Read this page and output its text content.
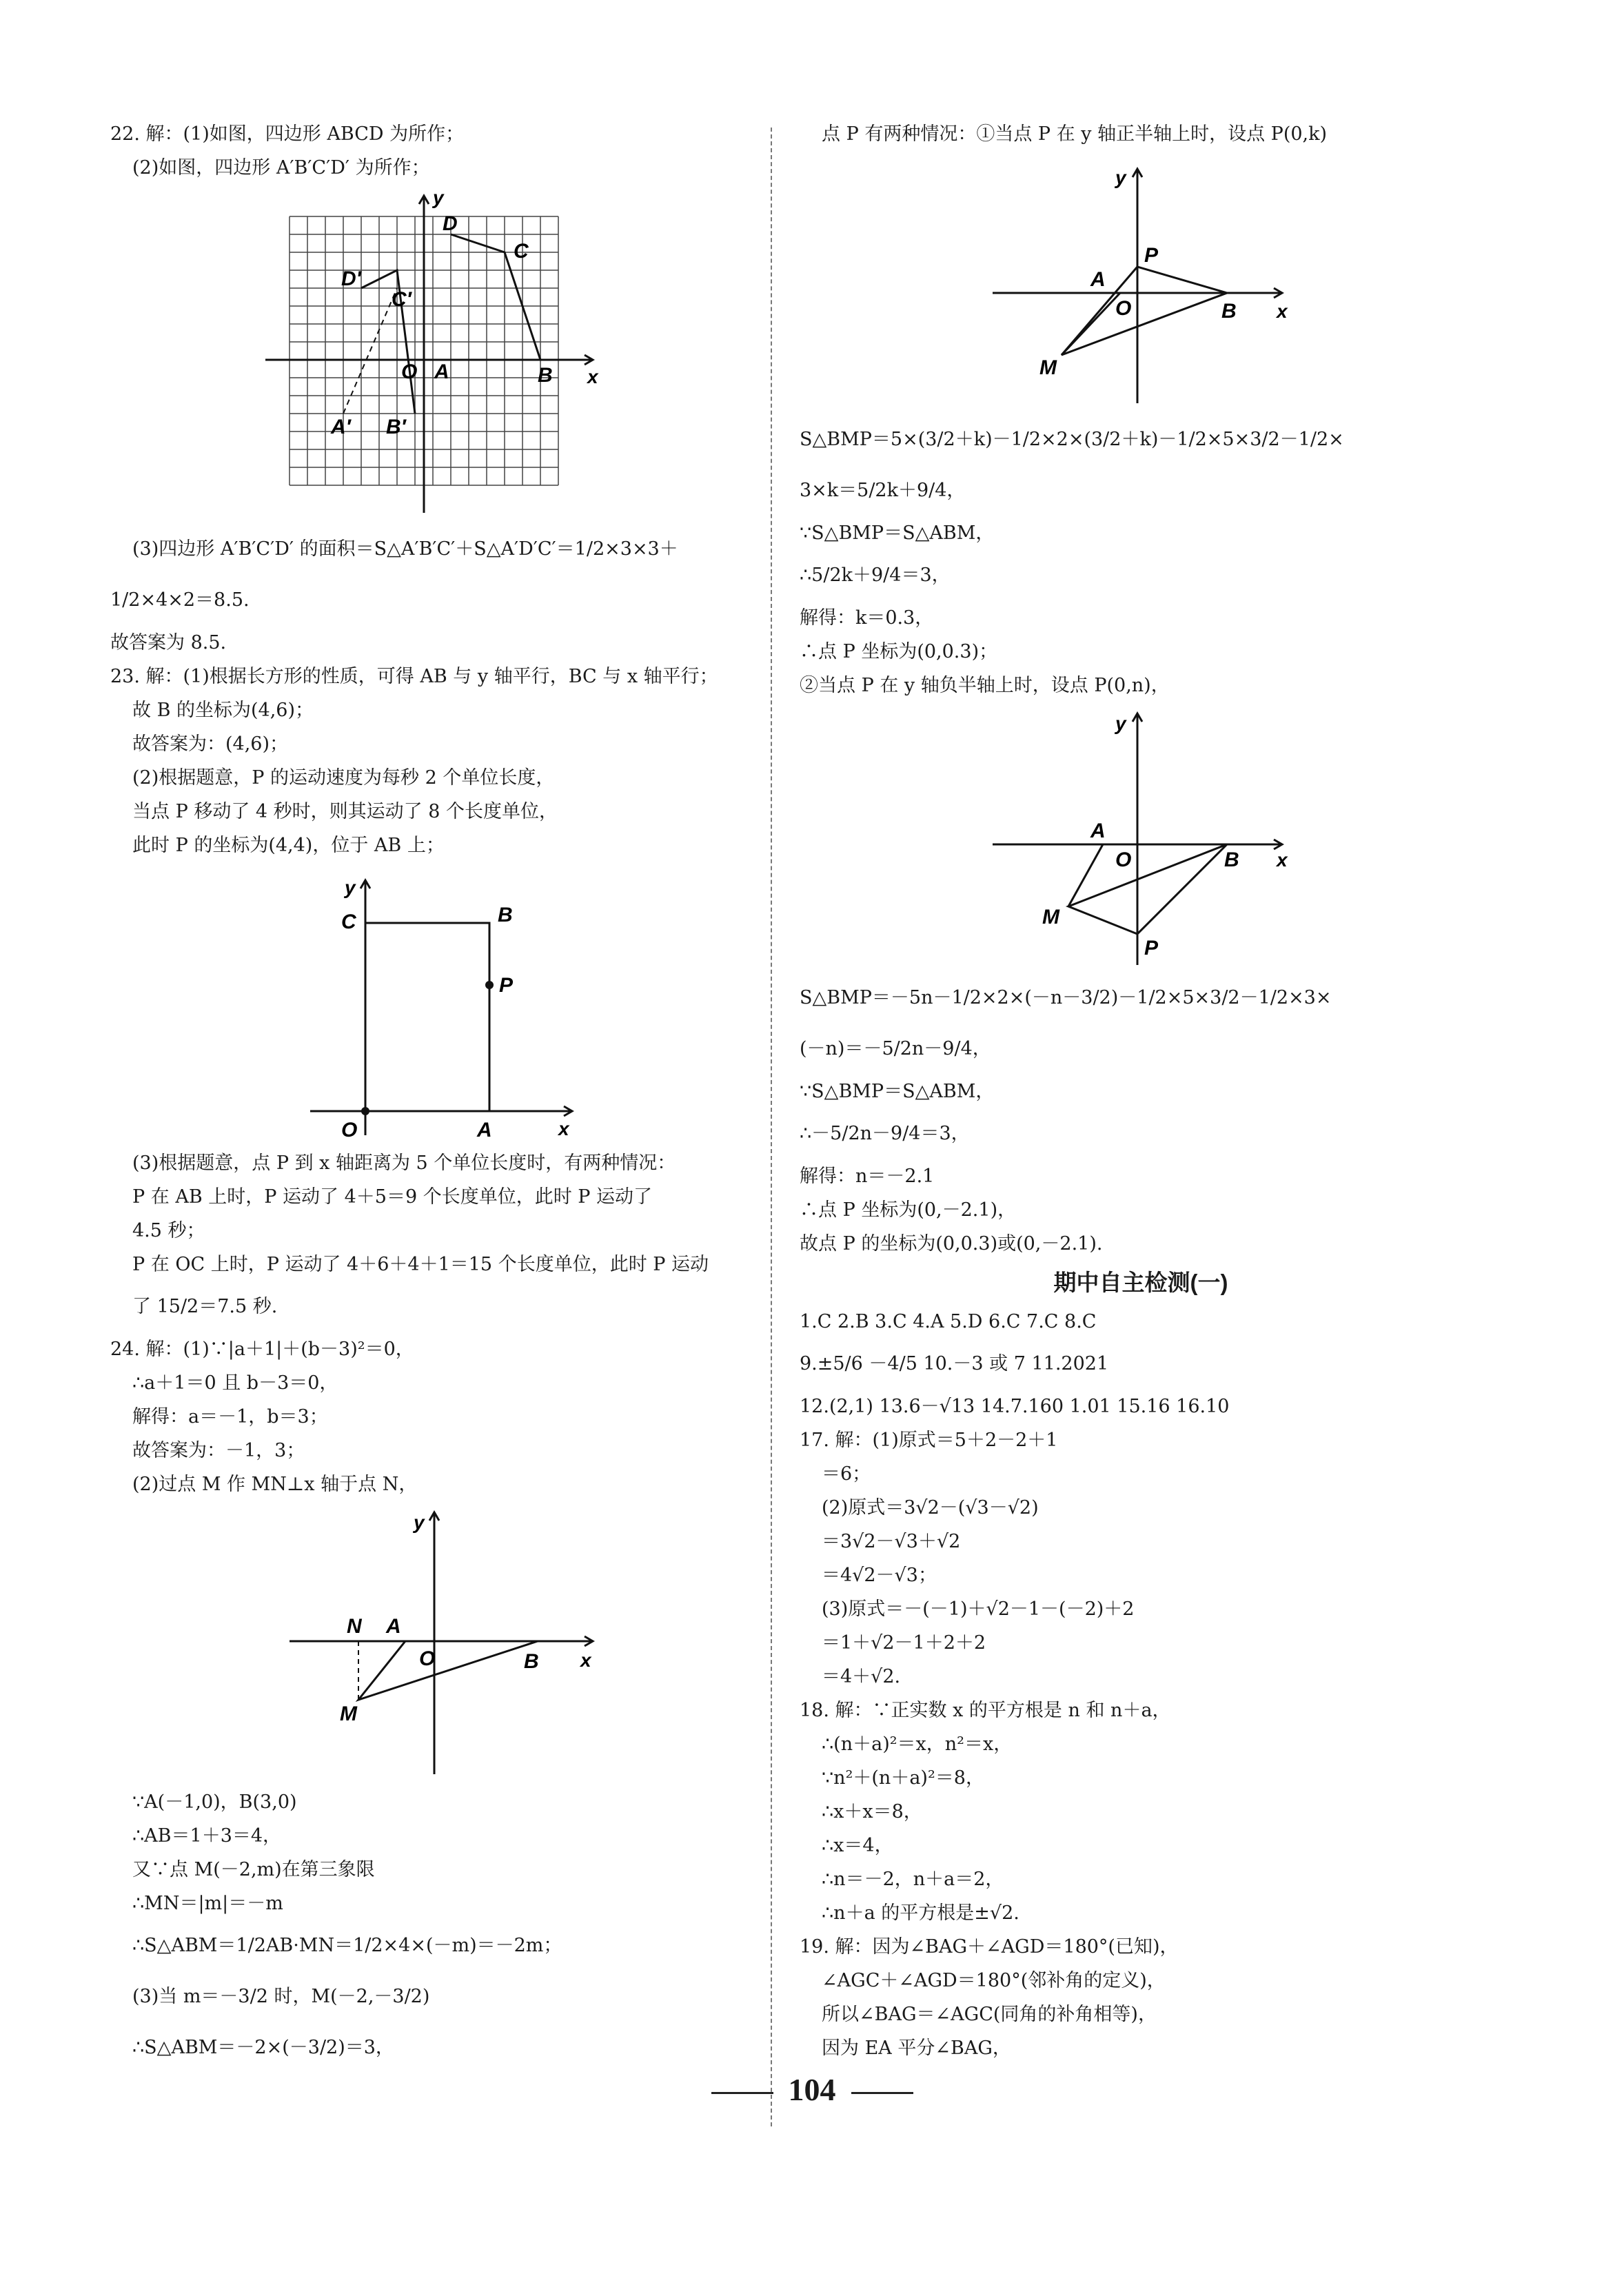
22. 解：(1)如图，四边形 ABCD 为所作；
(2)如图，四边形 A′B′C′D′ 为所作；
D
C
D′
C′
O A	B
A′ B′
x
y
(3)四边形 A′B′C′D′ 的面积＝S△A′B′C′＋S△A′D′C′＝1/2×3×3＋
1/2×4×2＝8.5.
故答案为 8.5.
23. 解：(1)根据长方形的性质，可得 AB 与 y 轴平行，BC 与 x 轴平行；
故 B 的坐标为(4,6)；
故答案为：(4,6)；
(2)根据题意，P 的运动速度为每秒 2 个单位长度，
当点 P 移动了 4 秒时，则其运动了 8 个长度单位，
此时 P 的坐标为(4,4)，位于 AB 上；
C	B
P
O	A	x
y
(3)根据题意，点 P 到 x 轴距离为 5 个单位长度时，有两种情况：
P 在 AB 上时，P 运动了 4＋5＝9 个长度单位，此时 P 运动了
4.5 秒；
P 在 OC 上时，P 运动了 4＋6＋4＋1＝15 个长度单位，此时 P 运动
了 15/2＝7.5 秒.
24. 解：(1)∵|a＋1|＋(b－3)²＝0，
∴a＋1＝0 且 b－3＝0，
解得：a＝－1，b＝3；
故答案为：－1，3；
(2)过点 M 作 MN⊥x 轴于点 N，
N A
O	B
M
x
y
∵A(－1,0)，B(3,0)
∴AB＝1＋3＝4，
又∵点 M(－2,m)在第三象限
∴MN＝|m|＝－m
∴S△ABM＝1/2AB·MN＝1/2×4×(－m)＝－2m；
(3)当 m＝－3/2 时，M(－2,－3/2)
∴S△ABM＝－2×(－3/2)＝3，
点 P 有两种情况：①当点 P 在 y 轴正半轴上时，设点 P(0,k)
P
A
O	B
M
x
y
S△BMP＝5×(3/2＋k)－1/2×2×(3/2＋k)－1/2×5×3/2－1/2×
3×k＝5/2k＋9/4，
∵S△BMP＝S△ABM，
∴5/2k＋9/4＝3，
解得：k＝0.3，
∴点 P 坐标为(0,0.3)；
②当点 P 在 y 轴负半轴上时，设点 P(0,n)，
A
O	B
M
P
x
y
S△BMP＝－5n－1/2×2×(－n－3/2)－1/2×5×3/2－1/2×3×
(－n)＝－5/2n－9/4，
∵S△BMP＝S△ABM，
∴－5/2n－9/4＝3，
解得：n＝－2.1
∴点 P 坐标为(0,－2.1)，
故点 P 的坐标为(0,0.3)或(0,－2.1).
期中自主检测(一)
1.C 2.B 3.C 4.A 5.D 6.C 7.C 8.C
9.±5/6 －4/5 10.－3 或 7 11.2021
12.(2,1) 13.6－√13 14.7.160 1.01 15.16 16.10
17. 解：(1)原式＝5＋2－2＋1
＝6；
(2)原式＝3√2－(√3－√2)
＝3√2－√3＋√2
＝4√2－√3；
(3)原式＝－(－1)＋√2－1－(－2)＋2
＝1＋√2－1＋2＋2
＝4＋√2.
18. 解：∵正实数 x 的平方根是 n 和 n＋a，
∴(n＋a)²＝x，n²＝x，
∵n²＋(n＋a)²＝8，
∴x＋x＝8，
∴x＝4，
∴n＝－2，n＋a＝2，
∴n＋a 的平方根是±√2.
19. 解：因为∠BAG＋∠AGD＝180°(已知)，
∠AGC＋∠AGD＝180°(邻补角的定义)，
所以∠BAG＝∠AGC(同角的补角相等)，
因为 EA 平分∠BAG，
104
